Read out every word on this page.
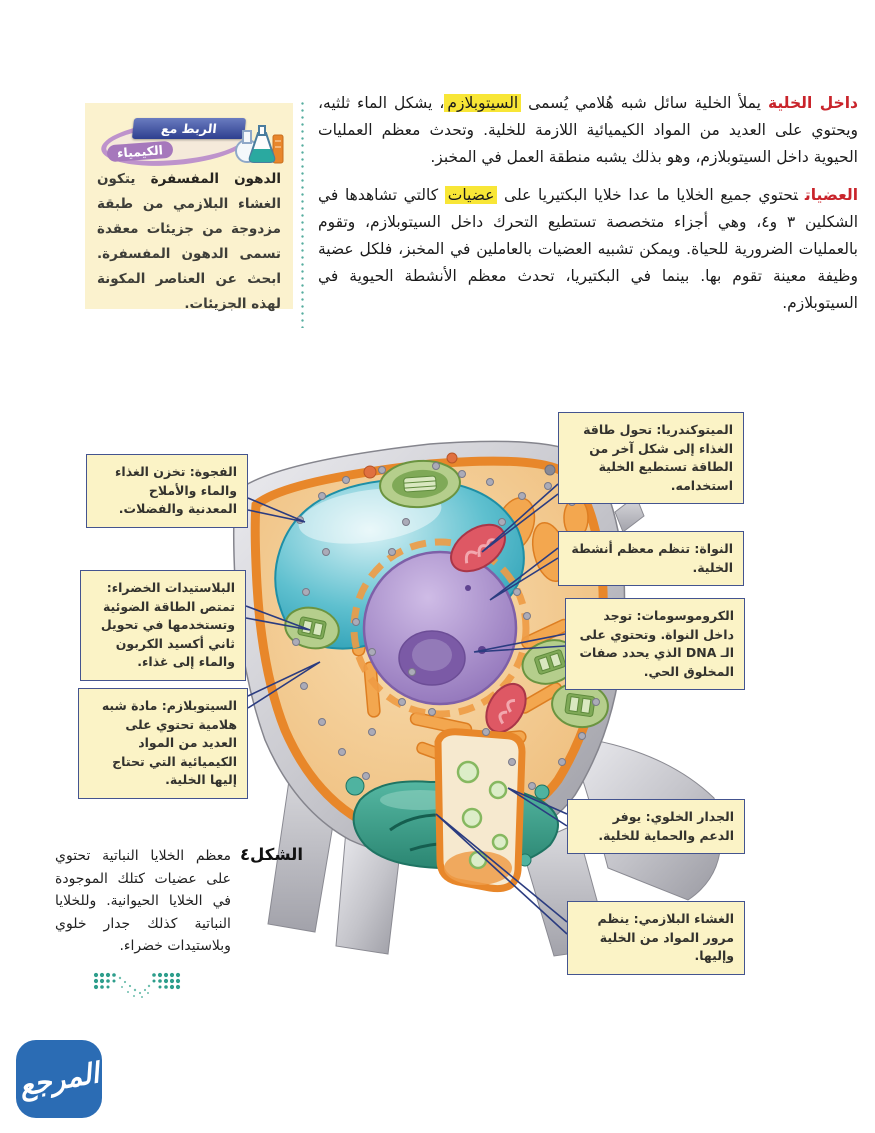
الربط مع
الكيمياء

الدهون المفسفرة يتكون الغشاء البلازمي من طبقة مزدوجة من جزيئات معقدة تسمى الدهون المفسفرة. ابحث عن العناصر المكونة لهذه الجزيئات.

داخل الخليةيملأ الخلية سائل شبه هُلامي يُسمى السيتوبلازم، يشكل الماء ثلثيه، ويحتوي على العديد من المواد الكيميائية اللازمة للخلية. وتحدث معظم العمليات الحيوية داخل السيتوبلازم، وهو بذلك يشبه منطقة العمل في المخبز.

العضياتتحتوي جميع الخلايا ما عدا خلايا البكتيريا على عضيات كالتي تشاهدها في الشكلين ٣ و٤، وهي أجزاء متخصصة تستطيع التحرك داخل السيتوبلازم، وتقوم بالعمليات الضرورية للحياة. ويمكن تشبيه العضيات بالعاملين في المخبز، فلكل عضية وظيفة معينة تقوم بها. بينما في البكتيريا، تحدث معظم الأنشطة الحيوية في السيتوبلازم.

الميتوكندريا: تحول طاقة الغذاء إلى شكل آخر من الطاقة تستطيع الخلية استخدامه.
النواة: تنظم معظم أنشطة الخلية.
الكروموسومات: توجد داخل النواة. وتحتوي على الـ DNA الذي يحدد صفات المخلوق الحي.
الفجوة: تخزن الغذاء والماء والأملاح المعدنية والفضلات.
البلاستيدات الخضراء: تمتص الطاقة الضوئية وتستخدمها في تحويل ثاني أكسيد الكربون والماء إلى غذاء.
السيتوبلازم: مادة شبه هلامية تحتوي على العديد من المواد الكيميائية التي تحتاج إليها الخلية.
الجدار الخلوي: يوفر الدعم والحماية للخلية.
الغشاء البلازمي: ينظم مرور المواد من الخلية وإليها.
الشكل٤
معظم الخلايا النباتية تحتوي على عضيات كتلك الموجودة في الخلايا الحيوانية. وللخلايا النباتية كذلك جدار خلوي وبلاستيدات خضراء.
المرجع
